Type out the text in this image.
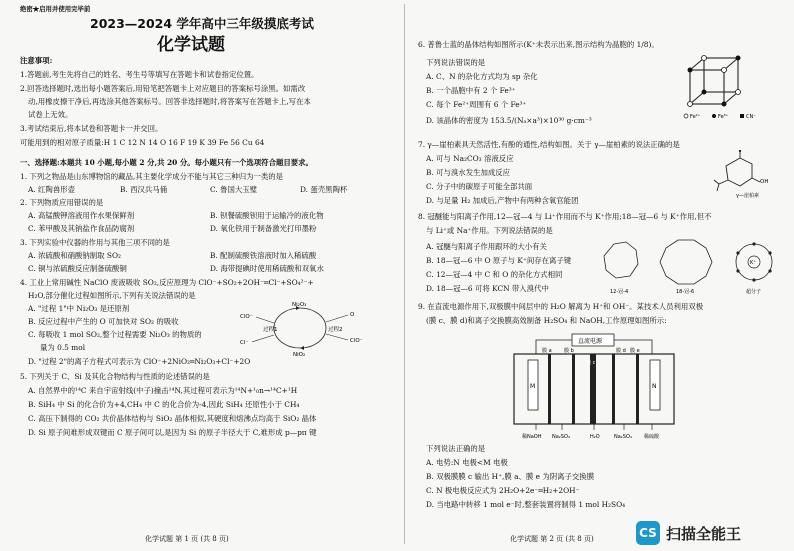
绝密★启用并使用完毕前
2023—2024 学年高中三年级摸底考试
化学试题
注意事项:
1.答题前,考生先将自己的姓名、考生号等填写在答题卡和试卷指定位置。
2.回答选择题时,选出每小题答案后,用铅笔把答题卡上对应题目的答案标号涂黑。如需改
动,用橡皮擦干净后,再选涂其他答案标号。回答非选择题时,将答案写在答题卡上,写在本
试卷上无效。
3.考试结束后,将本试卷和答题卡一并交回。
可能用到的相对原子质量:H 1 C 12 N 14 O 16 F 19 K 39 Fe 56 Cu 64
一、选择题:本题共 10 小题,每小题 2 分,共 20 分。每小题只有一个选项符合题目要求。
1. 下列之物品是山东博物馆的藏品,其主要化学成分不能与其它三种归为一类的是
A. 红陶兽形壶	B. 西汉兵马俑	C. 鲁国大玉璧	D. 蛋壳黑陶杯
2. 下列物质应用错误的是
A. 高锰酸钾溶液用作水果保鲜剂	B. 钡餐硫酸钡用于运输冷的液化物
C. 苯甲酸及其钠盐作食品防腐剂	D. 氧化铁用于制备激光打印墨粉
3. 下列实验中仪器的作用与其他三项不同的是
A. 浓硫酸和硝酸钠制取 SO₂	B. 配制硫酸铁溶液时加入稀硫酸
C. 铜与浓硫酸反应制备硫酸铜	D. 海带提碘时使用稀硫酸和双氧水
4. 工业上常用碱性 NaClO 废液吸收 SO₂,反应原理为 ClO⁻+SO₂+2OH⁻═Cl⁻+SO₄²⁻+
H₂O,部分催化过程如图所示,下列有关说法错误的是
A. "过程 1"中 Ni₂O₃ 是还原剂
B. 反应过程中产生的 O 可加快对 SO₂ 的吸收
C. 每吸收 1 mol SO₂,整个过程需要 Ni₂O₃ 的物质的
量为 0.5 mol
D. "过程 2"的离子方程式可表示为 ClO⁻+2NiO₂═Ni₂O₃+Cl⁻+2O
Ni₂O₃
NiO₂
过程1	过程2
ClO⁻
ClO⁻
Cl⁻
O
5. 下列关于 C、Si 及其化合物结构与性质的论述错误的是
A. 自然界中的¹⁴C 来自宇宙射线(中子)撞击¹⁴N,其过程可表示为¹⁴N+¹₀n→¹⁴C+¹H
B. SiH₄ 中 Si 的化合价为+4,CH₄ 中 C 的化合价为-4,因此 SiH₄ 还原性小于 CH₄
C. 高压下制得的 CO₂ 共价晶体结构与 SiO₂ 晶体相似,其硬度和熔沸点均高于 SiO₂ 晶体
D. Si 原子间难形成双键而 C 原子间可以,是因为 Si 的原子半径大于 C,难形成 p—pπ 键
化学试题 第 1 页 (共 8 页)
6. 普鲁士蓝的晶体结构如图所示(K⁺未表示出来,图示结构为晶胞的 1/8)。
下列说法错误的是
A. C、N 的杂化方式均为 sp 杂化
B. 一个晶胞中有 2 个 Fe³⁺
C. 每个 Fe²⁺周围有 6 个 Fe³⁺
D. 该晶体的密度为 153.5/(Nₐ×a³)×10³⁰ g·cm⁻³	Fe²⁺	Fe³⁺	CN⁻
7. γ—崖柏素具天然活性,有酚的通性,结构如图。关于 γ—崖柏素的说法正确的是
A. 可与 Na₂CO₃ 溶液反应
B. 可与溴水发生加成反应
C. 分子中的碳原子可能全部共面
D. 与足量 H₂ 加成后,产物中有两种含氧官能团
OH
γ—崖柏素
8. 冠醚能与阳离子作用,12—冠—4 与 Li⁺作用而不与 K⁺作用;18—冠—6 与 K⁺作用,但不
与 Li⁺或 Na⁺作用。下列说法错误的是
A. 冠醚与阳离子作用跟环的大小有关
B. 18—冠—6 中 O 原子与 K⁺间存在离子键
C. 12—冠—4 中 C 和 O 的杂化方式相同
D. 18—冠—6 可将 KCN 带入溴代中
K⁺
12-冠-4	18-冠-6	超分子
9. 在直流电源作用下,双极膜中间层中的 H₂O 解离为 H⁺和 OH⁻。某技术人员利用双极
(膜 c、膜 d)和离子交换膜高效制备 H₂SO₄ 和 NaOH,工作原理如图所示:
直流电源
M	N
膜 a 膜 b
膜 c
膜 d 膜 e
稀NaOH Na₂SO₄	H₂O	Na₂SO₄ 稀硫酸
下列说法正确的是
A. 电势:N 电极<M 电极
B. 双极膜膜 c 输出 H⁺,膜 a、膜 e 为阴离子交换膜
C. N 极电极反应式为 2H₂O+2e⁻═H₂+2OH⁻
D. 当电路中转移 1 mol e⁻时,整套装置将制得 1 mol H₂SO₄
化学试题 第 2 页 (共 8 页)	CS 扫描全能王
